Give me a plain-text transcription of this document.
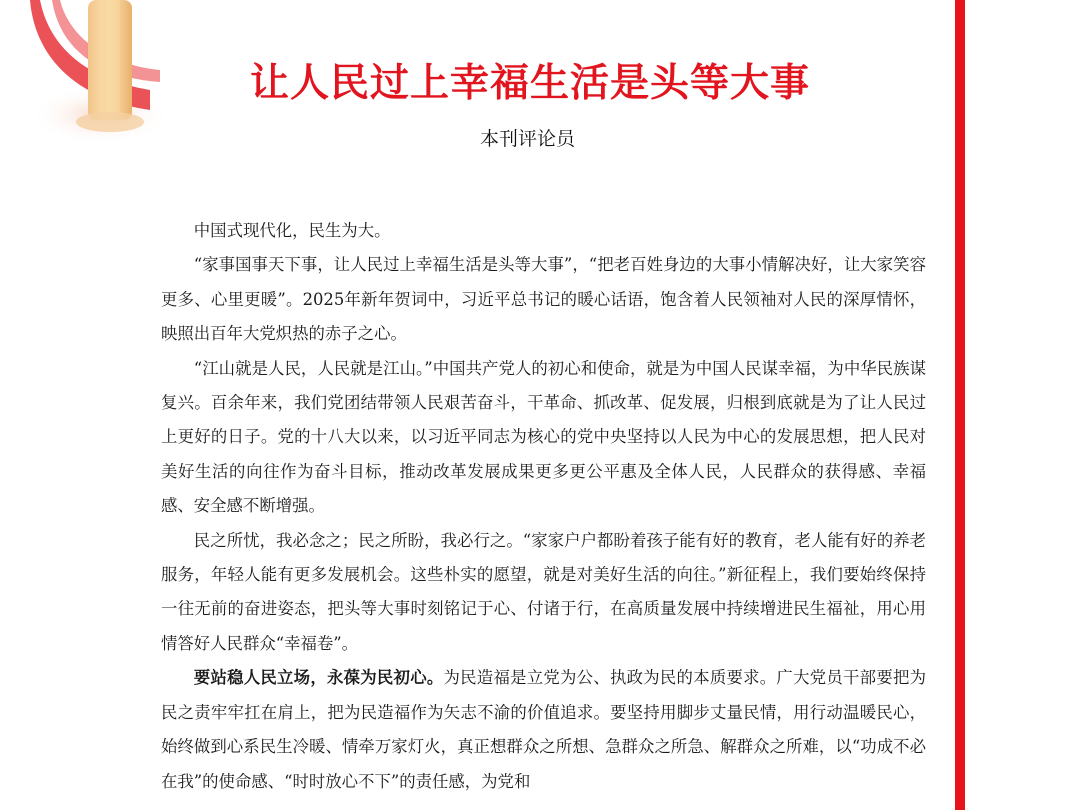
让人民过上幸福生活是头等大事
本刊评论员

中国式现代化，民生为大。

“家事国事天下事，让人民过上幸福生活是头等大事”，“把老百姓身边的大事小情解决好，让大家笑容更多、心里更暖”。2025年新年贺词中，习近平总书记的暖心话语，饱含着人民领袖对人民的深厚情怀，映照出百年大党炽热的赤子之心。

“江山就是人民，人民就是江山。”中国共产党人的初心和使命，就是为中国人民谋幸福，为中华民族谋复兴。百余年来，我们党团结带领人民艰苦奋斗，干革命、抓改革、促发展，归根到底就是为了让人民过上更好的日子。党的十八大以来，以习近平同志为核心的党中央坚持以人民为中心的发展思想，把人民对美好生活的向往作为奋斗目标，推动改革发展成果更多更公平惠及全体人民，人民群众的获得感、幸福感、安全感不断增强。

民之所忧，我必念之；民之所盼，我必行之。“家家户户都盼着孩子能有好的教育，老人能有好的养老服务，年轻人能有更多发展机会。这些朴实的愿望，就是对美好生活的向往。”新征程上，我们要始终保持一往无前的奋进姿态，把头等大事时刻铭记于心、付诸于行，在高质量发展中持续增进民生福祉，用心用情答好人民群众“幸福卷”。

要站稳人民立场，永葆为民初心。为民造福是立党为公、执政为民的本质要求。广大党员干部要把为民之责牢牢扛在肩上，把为民造福作为矢志不渝的价值追求。要坚持用脚步丈量民情，用行动温暖民心，始终做到心系民生冷暖、情牵万家灯火，真正想群众之所想、急群众之所急、解群众之所难，以“功成不必在我”的使命感、“时时放心不下”的责任感，为党和
